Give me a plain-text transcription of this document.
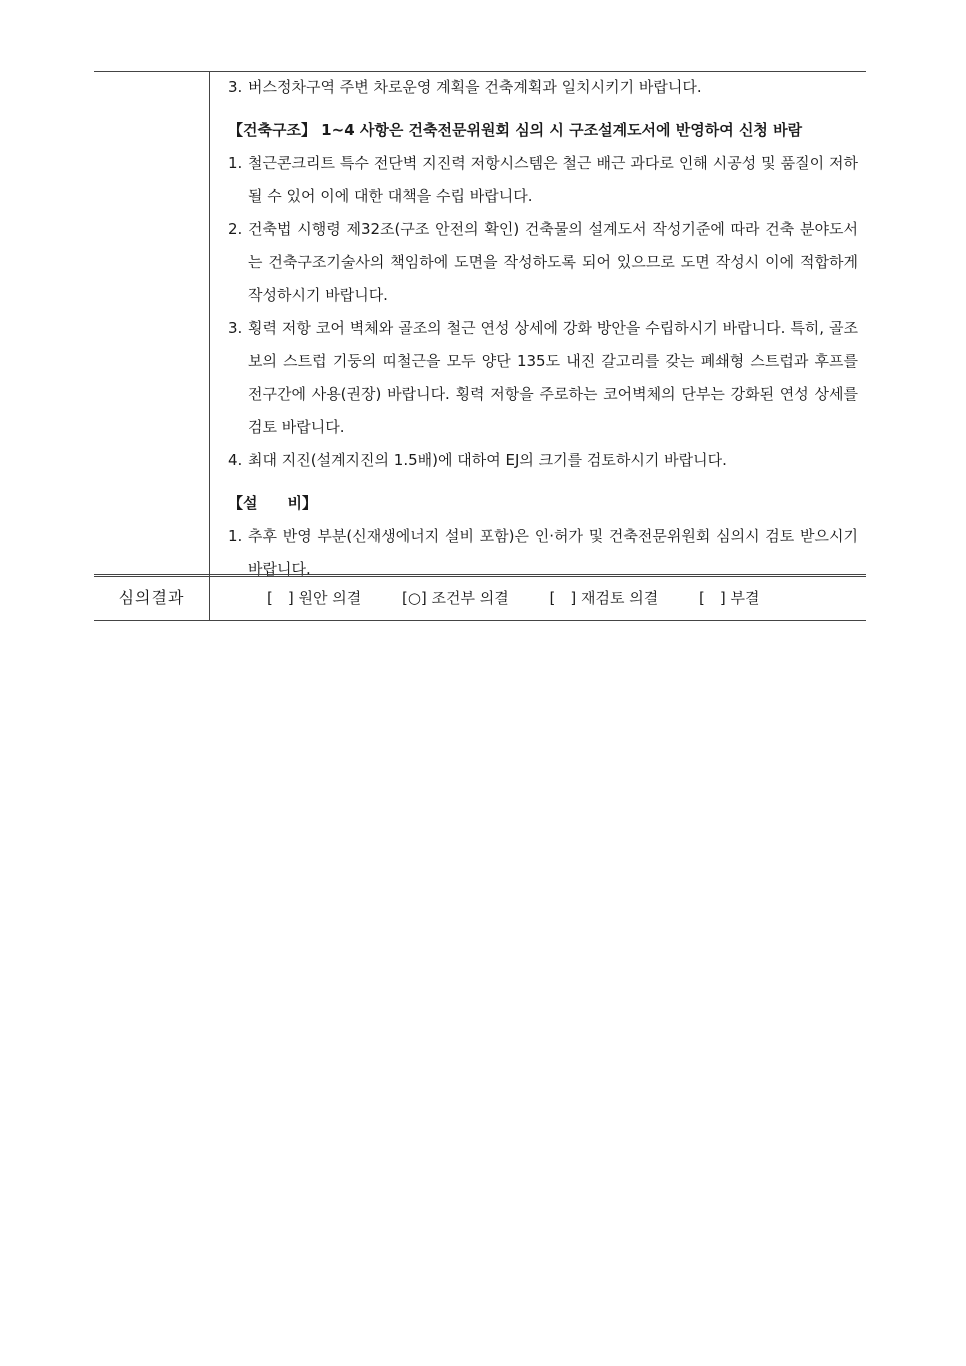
3. 버스정차구역 주변 차로운영 계획을 건축계획과 일치시키기 바랍니다.
【건축구조】 1~4 사항은 건축전문위원회 심의 시 구조설계도서에 반영하여 신청 바람
1. 철근콘크리트 특수 전단벽 지진력 저항시스템은 철근 배근 과다로 인해 시공성 및 품질이 저하될 수 있어 이에 대한 대책을 수립 바랍니다.
2. 건축법 시행령 제32조(구조 안전의 확인) 건축물의 설계도서 작성기준에 따라 건축 분야도서는 건축구조기술사의 책임하에 도면을 작성하도록 되어 있으므로 도면 작성시 이에 적합하게 작성하시기 바랍니다.
3. 횡력 저항 코어 벽체와 골조의 철근 연성 상세에 강화 방안을 수립하시기 바랍니다. 특히, 골조보의 스트럽 기둥의 띠철근을 모두 양단 135도 내진 갈고리를 갖는 폐쇄형 스트럽과 후프를 전구간에 사용(권장) 바랍니다. 횡력 저항을 주로하는 코어벽체의 단부는 강화된 연성 상세를 검토 바랍니다.
4. 최대 지진(설계지진의 1.5배)에 대하여 EJ의 크기를 검토하시기 바랍니다.
【설　　비】
1. 추후 반영 부분(신재생에너지 설비 포함)은 인·허가 및 건축전문위원회 심의시 검토 받으시기 바랍니다.
심의결과	[　] 원안 의결	[○] 조건부 의결	[　] 재검토 의결	[　] 부결
